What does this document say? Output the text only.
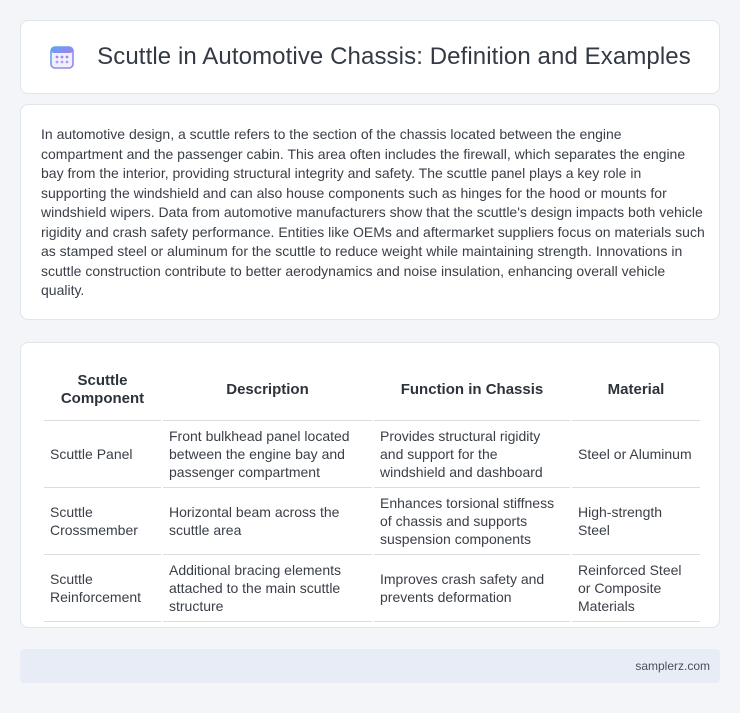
Scuttle in Automotive Chassis: Definition and Examples

In automotive design, a scuttle refers to the section of the chassis located between the engine compartment and the passenger cabin. This area often includes the firewall, which separates the engine bay from the interior, providing structural integrity and safety. The scuttle panel plays a key role in supporting the windshield and can also house components such as hinges for the hood or mounts for windshield wipers. Data from automotive manufacturers show that the scuttle's design impacts both vehicle rigidity and crash safety performance. Entities like OEMs and aftermarket suppliers focus on materials such as stamped steel or aluminum for the scuttle to reduce weight while maintaining strength. Innovations in scuttle construction contribute to better aerodynamics and noise insulation, enhancing overall vehicle quality.

Scuttle Component	Description	Function in Chassis	Material
Scuttle Panel	Front bulkhead panel located between the engine bay and passenger compartment	Provides structural rigidity and support for the windshield and dashboard	Steel or Aluminum
Scuttle Crossmember	Horizontal beam across the scuttle area	Enhances torsional stiffness of chassis and supports suspension components	High-strength Steel
Scuttle Reinforcement	Additional bracing elements attached to the main scuttle structure	Improves crash safety and prevents deformation	Reinforced Steel or Composite Materials
samplerz.com
